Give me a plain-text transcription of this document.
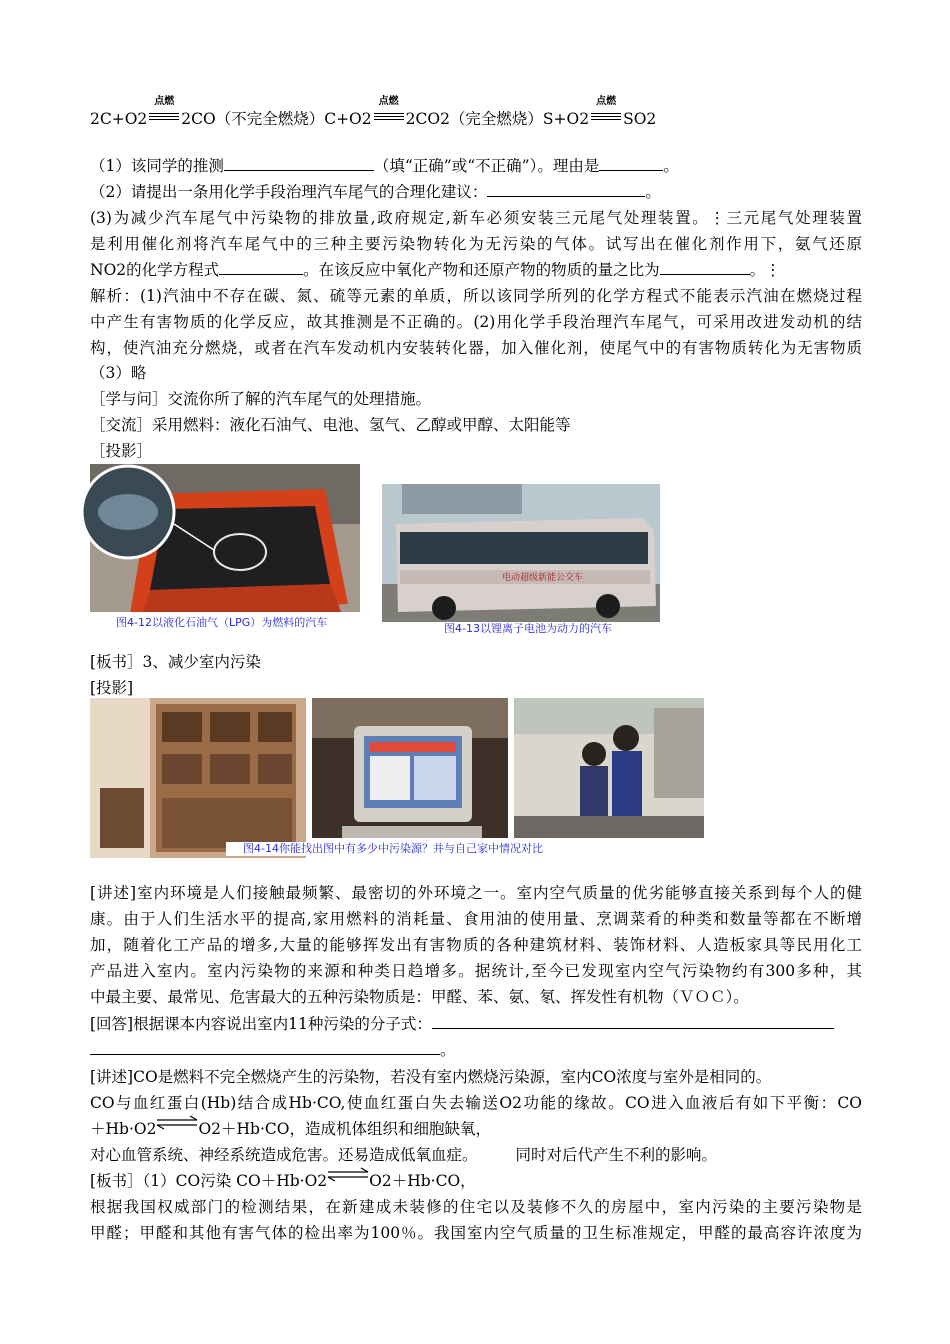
2C+O2
点燃
2CO（不完全燃烧）C+O2
点燃
2CO2（完全燃烧）S+O2
点燃
SO2
（1）该同学的推测	（填“正确”或“不正确”）。理由是	。
（2）请提出一条用化学手段治理汽车尾气的合理化建议：	。
(3)为减少汽车尾气中污染物的排放量,政府规定,新车必须安装三元尾气处理装置。⋮三元尾气处理装置
是利用催化剂将汽车尾气中的三种主要污染物转化为无污染的气体。试写出在催化剂作用下，氨气还原
NO2的化学方程式	。在该反应中氧化产物和还原产物的物质的量之比为	。⋮
解析：(1)汽油中不存在碳、氮、硫等元素的单质，所以该同学所列的化学方程式不能表示汽油在燃烧过程
中产生有害物质的化学反应，故其推测是不正确的。(2)用化学手段治理汽车尾气，可采用改进发动机的结
构，使汽油充分燃烧，或者在汽车发动机内安装转化器，加入催化剂，使尾气中的有害物质转化为无害物质
（3）略
［学与问］交流你所了解的汽车尾气的处理措施。
［交流］采用燃料：液化石油气、电池、氢气、乙醇或甲醇、太阳能等
［投影］
图4-12以液化石油气（LPG）为燃料的汽车
电动超级新能公交车
图4-13以锂离子电池为动力的汽车
[板书］3、减少室内污染
[投影]
图4-14你能找出图中有多少中污染源？并与自己家中情况对比
[讲述]室内环境是人们接触最频繁、最密切的外环境之一。室内空气质量的优劣能够直接关系到每个人的健
康。由于人们生活水平的提高,家用燃料的消耗量、食用油的使用量、烹调菜肴的种类和数量等都在不断增
加，随着化工产品的增多,大量的能够挥发出有害物质的各种建筑材料、装饰材料、人造板家具等民用化工
产品进入室内。室内污染物的来源和种类日趋增多。据统计,至今已发现室内空气污染物约有300多种，其
中最主要、最常见、危害最大的五种污染物质是：甲醛、苯、氨、氡、挥发性有机物（ＶＯＣ）。
[回答]根据课本内容说出室内11种污染的分子式：
。
[讲述]CO是燃料不完全燃烧产生的污染物，若没有室内燃烧污染源，室内CO浓度与室外是相同的。
CO与血红蛋白(Hb)结合成Hb·CO,使血红蛋白失去输送O2功能的缘故。CO进入血液后有如下平衡：CO
＋Hb·O2⇌O2＋Hb·CO，造成机体组织和细胞缺氧，
对心血管系统、神经系统造成危害。还易造成低氧血症。 同时对后代产生不利的影响。
[板书］（1）CO污染 CO＋Hb·O2⇌O2＋Hb·CO，
根据我国权威部门的检测结果，在新建成未装修的住宅以及装修不久的房屋中，室内污染的主要污染物是
甲醛；甲醛和其他有害气体的检出率为100％。我国室内空气质量的卫生标准规定，甲醛的最高容许浓度为
